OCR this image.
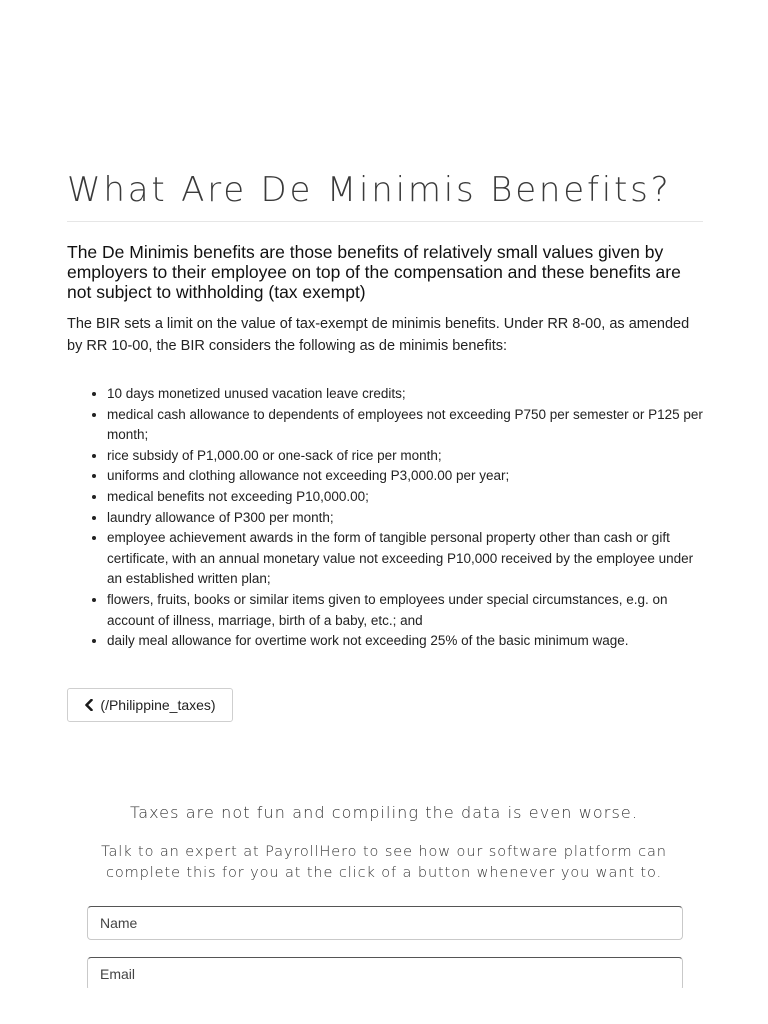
What Are De Minimis Benefits?

The De Minimis benefits are those benefits of relatively small values given by employers to their employee on top of the compensation and these benefits are not subject to withholding (tax exempt)

The BIR sets a limit on the value of tax-exempt de minimis benefits. Under RR 8-00, as amended by RR 10-00, the BIR considers the following as de minimis benefits:

• 10 days monetized unused vacation leave credits;
• medical cash allowance to dependents of employees not exceeding P750 per semester or P125 per month;
• rice subsidy of P1,000.00 or one-sack of rice per month;
• uniforms and clothing allowance not exceeding P3,000.00 per year;
• medical benefits not exceeding P10,000.00;
• laundry allowance of P300 per month;
• employee achievement awards in the form of tangible personal property other than cash or gift certificate, with an annual monetary value not exceeding P10,000 received by the employee under an established written plan;
• flowers, fruits, books or similar items given to employees under special circumstances, e.g. on account of illness, marriage, birth of a baby, etc.; and
• daily meal allowance for overtime work not exceeding 25% of the basic minimum wage.
(/Philippine_taxes)

Taxes are not fun and compiling the data is even worse.

Talk to an expert at PayrollHero to see how our software platform can complete this for you at the click of a button whenever you want to.

Name
Email
